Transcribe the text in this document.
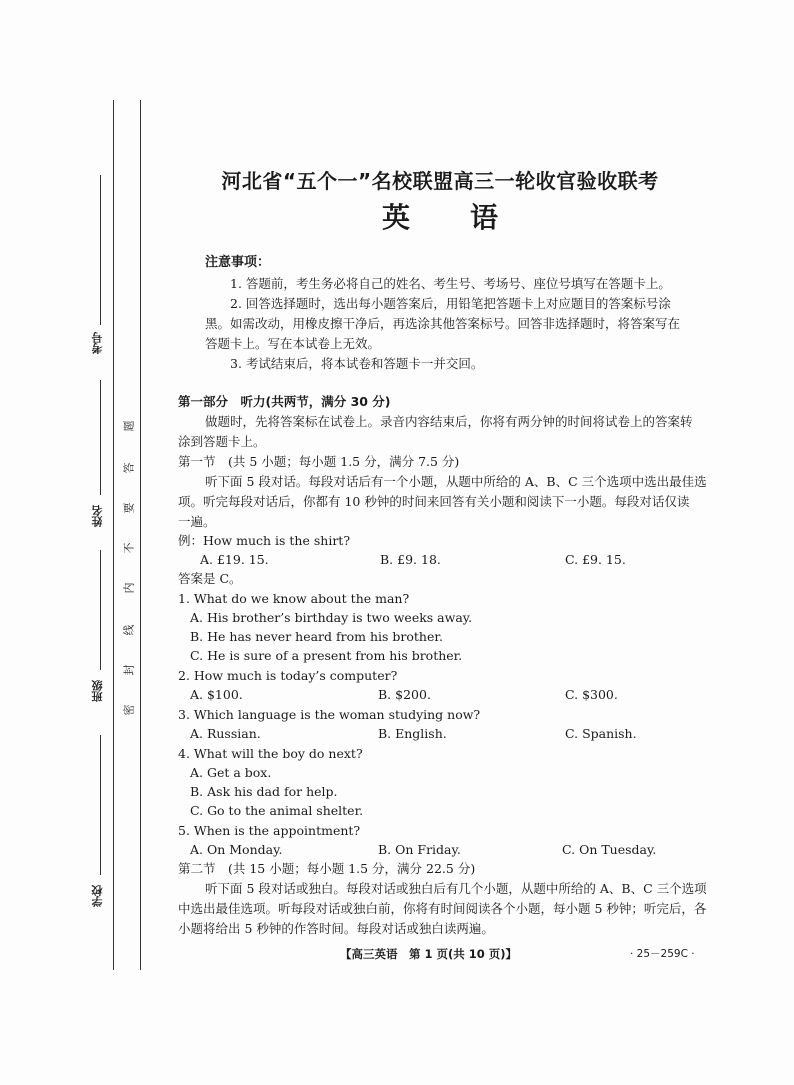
考号
姓名
班级
学校
题
答
要
不
内
线
封
密
河北省“五个一”名校联盟高三一轮收官验收联考
英语
注意事项：
1. 答题前，考生务必将自己的姓名、考生号、考场号、座位号填写在答题卡上。
2. 回答选择题时，选出每小题答案后，用铅笔把答题卡上对应题目的答案标号涂
黑。如需改动，用橡皮擦干净后，再选涂其他答案标号。回答非选择题时，将答案写在
答题卡上。写在本试卷上无效。
3. 考试结束后，将本试卷和答题卡一并交回。
第一部分　听力(共两节，满分 30 分)
做题时，先将答案标在试卷上。录音内容结束后，你将有两分钟的时间将试卷上的答案转
涂到答题卡上。
第一节　(共 5 小题；每小题 1.5 分，满分 7.5 分)
听下面 5 段对话。每段对话后有一个小题，从题中所给的 A、B、C 三个选项中选出最佳选
项。听完每段对话后，你都有 10 秒钟的时间来回答有关小题和阅读下一小题。每段对话仅读
一遍。
例：How much is the shirt?
A. £19. 15.	B. £9. 18.	C. £9. 15.
答案是 C。
1. What do we know about the man?
A. His brother’s birthday is two weeks away.
B. He has never heard from his brother.
C. He is sure of a present from his brother.
2. How much is today’s computer?
A. $100.	B. $200.	C. $300.
3. Which language is the woman studying now?
A. Russian.	B. English.	C. Spanish.
4. What will the boy do next?
A. Get a box.
B. Ask his dad for help.
C. Go to the animal shelter.
5. When is the appointment?
A. On Monday.	B. On Friday.	C. On Tuesday.
第二节　(共 15 小题；每小题 1.5 分，满分 22.5 分)
听下面 5 段对话或独白。每段对话或独白后有几个小题，从题中所给的 A、B、C 三个选项
中选出最佳选项。听每段对话或独白前，你将有时间阅读各个小题，每小题 5 秒钟；听完后，各
小题将给出 5 秒钟的作答时间。每段对话或独白读两遍。
【高三英语　第 1 页(共 10 页)】	· 25－259C ·
